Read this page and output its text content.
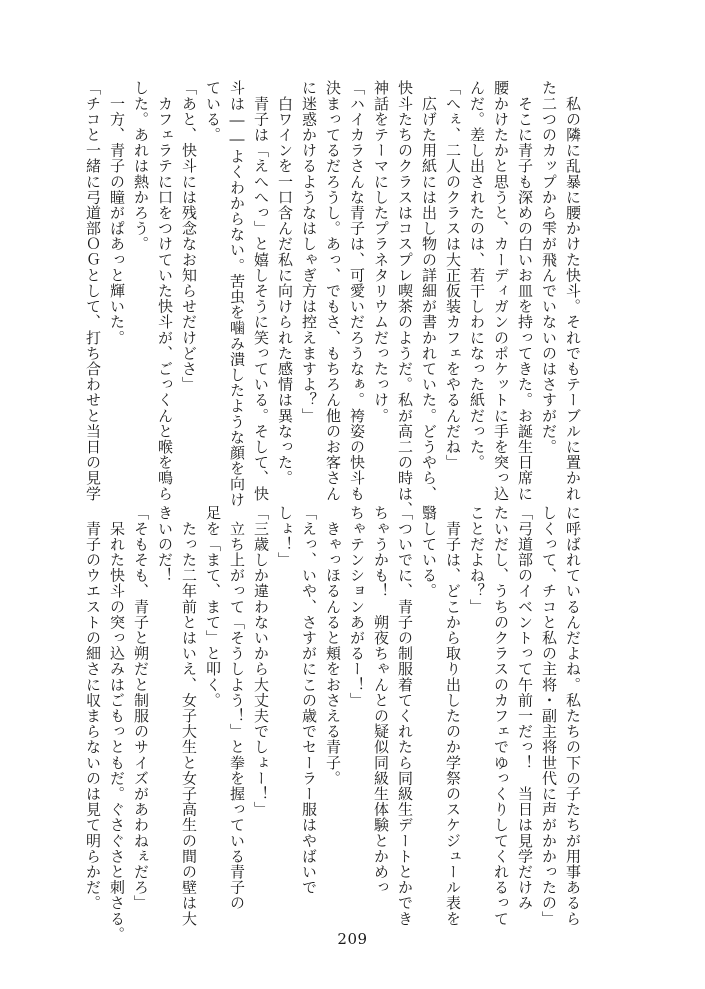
　私の隣に乱暴に腰かけた快斗。それでもテーブルに置かれ
た二つのカップから雫が飛んでいないのはさすがだ。
　そこに青子も深めの白いお皿を持ってきた。お誕生日席に
腰かけたかと思うと、カーディガンのポケットに手を突っ込
んだ。差し出されたのは、若干しわになった紙だった。
「へぇ、二人のクラスは大正仮装カフェをやるんだね」
　広げた用紙には出し物の詳細が書かれていた。どうやら、
快斗たちのクラスはコスプレ喫茶のようだ。私が高二の時は、
神話をテーマにしたプラネタリウムだったっけ。
「ハイカラさんな青子は、可愛いだろうなぁ。袴姿の快斗も
決まってるだろうし。あっ、でもさ、もちろん他のお客さん
に迷惑かけるようなはしゃぎ方は控えますよ？」
　白ワインを一口含んだ私に向けられた感情は異なった。
　青子は「えへへっ」と嬉しそうに笑っている。そして、快
斗は――よくわからない。苦虫を噛み潰したような顔を向け
ている。
「あと、快斗には残念なお知らせだけどさ」
　カフェラテに口をつけていた快斗が、ごっくんと喉を鳴ら
した。あれは熱かろう。
　一方、青子の瞳がぱあっと輝いた。
「チコと一緒に弓道部ＯＧとして、打ち合わせと当日の見学
に呼ばれているんだよね。私たちの下の子たちが用事あるら
しくって、チコと私の主将・副主将世代に声がかかったの」
「弓道部のイベントって午前一だっ！　当日は見学だけみ
たいだし、うちのクラスのカフェでゆっくりしてくれるって
ことだよね？」
　青子は、どこから取り出したのか学祭のスケジュール表を
翳している。
「ついでに、青子の制服着てくれたら同級生デートとかでき
ちゃうかも！　朔夜ちゃんとの疑似同級生体験とかめっ
ちゃテンションあがるー！」
　きゃっほるんると頬をおさえる青子。
「えっ、いや、さすがにこの歳でセーラー服はやばいで
しょ！」
「三歳しか違わないから大丈夫でしょー！」
　立ち上がって「そうしよう！」と拳を握っている青子の
足を「まて、まて」と叩く。
　たった二年前とはいえ、女子大生と女子高生の間の壁は大
きいのだ！
「そもそも、青子と朔だと制服のサイズがあわねぇだろ」
　呆れた快斗の突っ込みはごもっともだ。ぐさぐさと刺さる。
　青子のウエストの細さに収まらないのは見て明らかだ。
209
